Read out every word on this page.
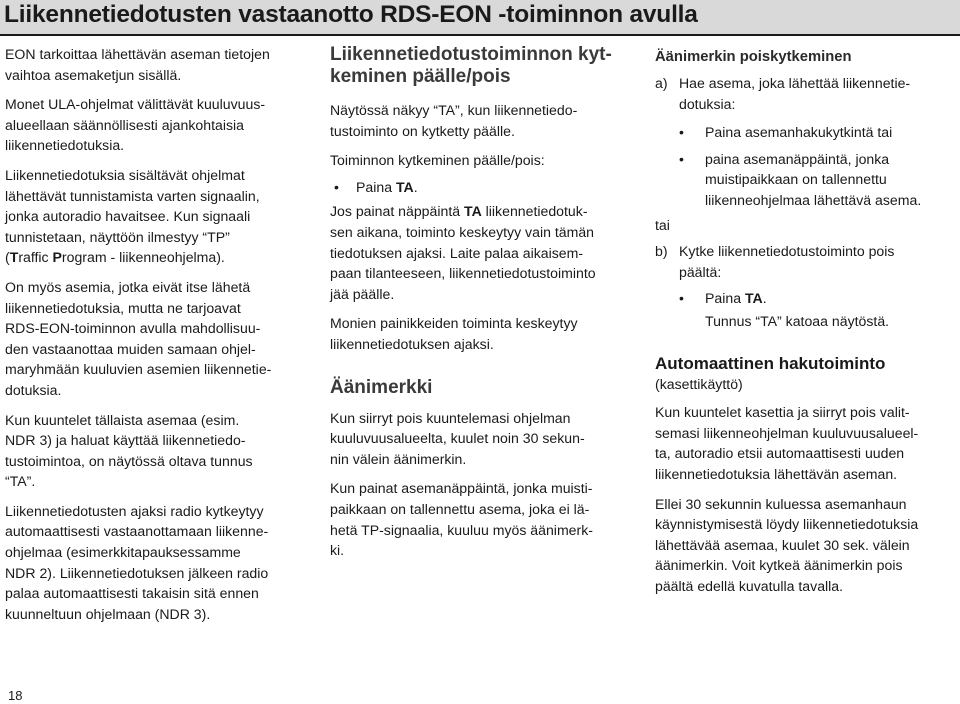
Liikennetiedotusten vastaanotto RDS-EON -toiminnon avulla
EON tarkoittaa lähettävän aseman tietojen
vaihtoa asemaketjun sisällä.
Monet ULA-ohjelmat välittävät kuuluvuus-
alueellaan säännöllisesti ajankohtaisia
liikennetiedotuksia.
Liikennetiedotuksia sisältävät ohjelmat
lähettävät tunnistamista varten signaalin,
jonka autoradio havaitsee. Kun signaali
tunnistetaan, näyttöön ilmestyy “TP”
(Traffic Program - liikenneohjelma).
On myös asemia, jotka eivät itse lähetä
liikennetiedotuksia, mutta ne tarjoavat
RDS-EON-toiminnon avulla mahdollisuu-
den vastaanottaa muiden samaan ohjel-
maryhmään kuuluvien asemien liikennetie-
dotuksia.
Kun kuuntelet tällaista asemaa (esim.
NDR 3) ja haluat käyttää liikennetiedo-
tustoimintoa, on näytössä oltava tunnus
“TA”.
Liikennetiedotusten ajaksi radio kytkeytyy
automaattisesti vastaanottamaan liikenne-
ohjelmaa (esimerkkitapauksessamme
NDR 2). Liikennetiedotuksen jälkeen radio
palaa automaattisesti takaisin sitä ennen
kuunneltuun ohjelmaan (NDR 3).
Liikennetiedotustoiminnon kyt-
keminen päälle/pois
Näytössä näkyy “TA”, kun liikennetiedo-
tustoiminto on kytketty päälle.
Toiminnon kytkeminen päälle/pois:
• Paina TA.
Jos painat näppäintä TA liikennetiedotuk-
sen aikana, toiminto keskeytyy vain tämän
tiedotuksen ajaksi. Laite palaa aikaisem-
paan tilanteeseen, liikennetiedotustoiminto
jää päälle.
Monien painikkeiden toiminta keskeytyy
liikennetiedotuksen ajaksi.
Äänimerkki
Kun siirryt pois kuuntelemasi ohjelman
kuuluvuusalueelta, kuulet noin 30 sekun-
nin välein äänimerkin.
Kun painat asemanäppäintä, jonka muisti-
paikkaan on tallennettu asema, joka ei lä-
hetä TP-signaalia, kuuluu myös äänimerk-
ki.
Äänimerkin poiskytkeminen
a) Hae asema, joka lähettää liikennetie-
dotuksia:
• Paina asemanhakukytkintä tai
• paina asemanäppäintä, jonka
muistipaikkaan on tallennettu
liikenneohjelmaa lähettävä asema.
tai
b) Kytke liikennetiedotustoiminto pois
päältä:
• Paina TA.
Tunnus “TA” katoaa näytöstä.
Automaattinen hakutoiminto
(kasettikäyttö)
Kun kuuntelet kasettia ja siirryt pois valit-
semasi liikenneohjelman kuuluvuusalueel-
ta, autoradio etsii automaattisesti uuden
liikennetiedotuksia lähettävän aseman.
Ellei 30 sekunnin kuluessa asemanhaun
käynnistymisestä löydy liikennetiedotuksia
lähettävää asemaa, kuulet 30 sek. välein
äänimerkin. Voit kytkeä äänimerkin pois
päältä edellä kuvatulla tavalla.
18
